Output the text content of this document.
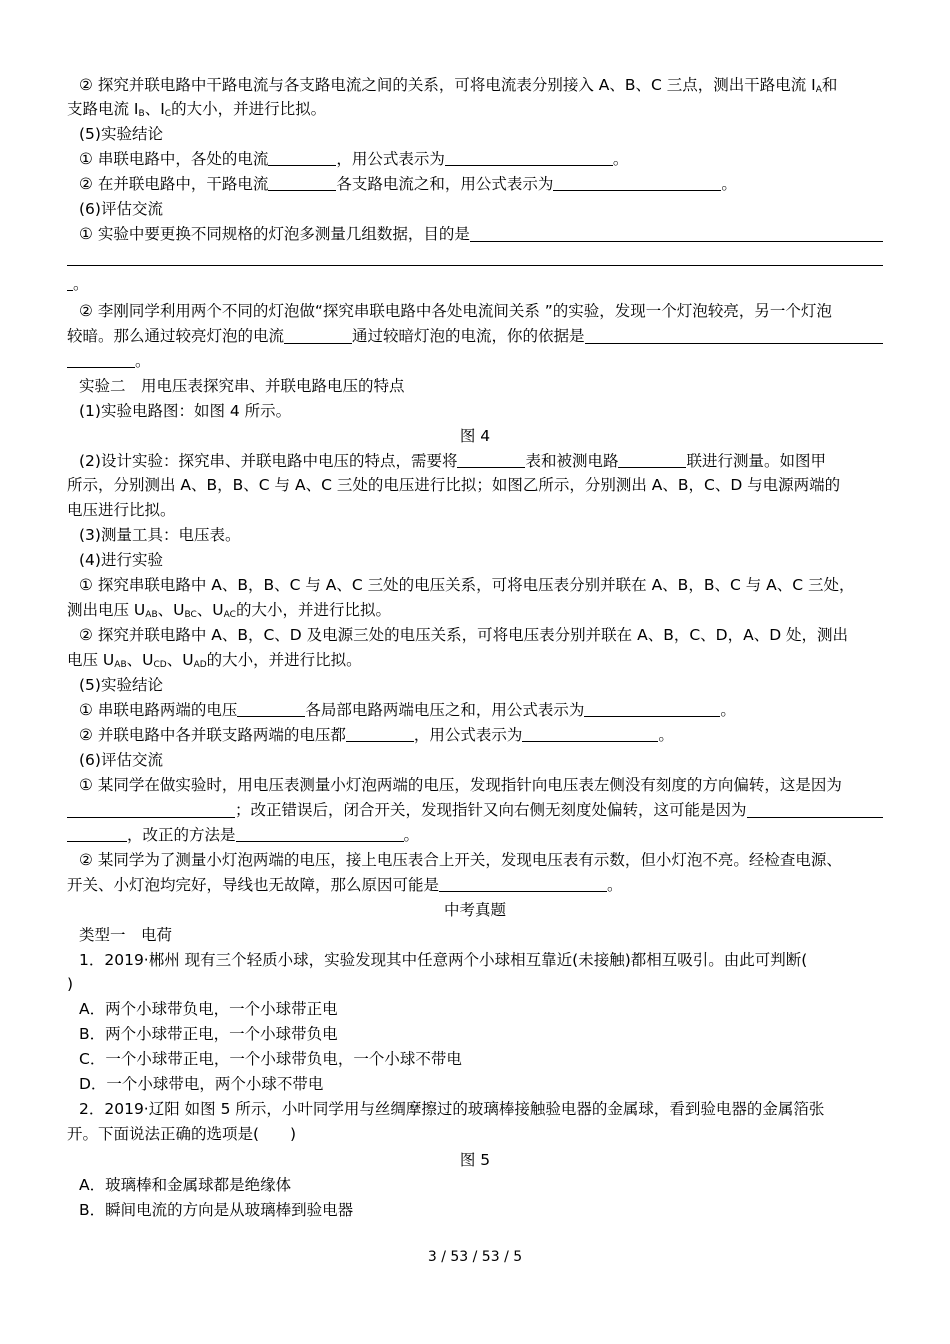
② 探究并联电路中干路电流与各支路电流之间的关系，可将电流表分别接入 A、B、C 三点，测出干路电流 $I_A$和
支路电流 $I_B$、$I_C$的大小，并进行比拟。
(5)实验结论
① 串联电路中，各处的电流	，用公式表示为	。
② 在并联电路中，干路电流	各支路电流之和，用公式表示为	。
(6)评估交流
① 实验中要更换不同规格的灯泡多测量几组数据，目的是
。
② 李刚同学利用两个不同的灯泡做“探究串联电路中各处电流间关系 ”的实验，发现一个灯泡较亮，另一个灯泡
较暗。那么通过较亮灯泡的电流	通过较暗灯泡的电流，你的依据是
。
实验二　用电压表探究串、并联电路电压的特点
(1)实验电路图：如图 4 所示。
图 4
(2)设计实验：探究串、并联电路中电压的特点，需要将	表和被测电路	联进行测量。如图甲
所示，分别测出 A、B，B、C 与 A、C 三处的电压进行比拟；如图乙所示，分别测出 A、B，C、D 与电源两端的
电压进行比拟。
(3)测量工具：电压表。
(4)进行实验
① 探究串联电路中 A、B，B、C 与 A、C 三处的电压关系，可将电压表分别并联在 A、B，B、C 与 A、C 三处，
测出电压 $U_{AB}$、$U_{BC}$、$U_{AC}$的大小，并进行比拟。
② 探究并联电路中 A、B，C、D 及电源三处的电压关系，可将电压表分别并联在 A、B，C、D，A、D 处，测出
电压 $U_{AB}$、$U_{CD}$、$U_{AD}$的大小，并进行比拟。
(5)实验结论
① 串联电路两端的电压	各局部电路两端电压之和，用公式表示为	。
② 并联电路中各并联支路两端的电压都	，用公式表示为	。
(6)评估交流
① 某同学在做实验时，用电压表测量小灯泡两端的电压，发现指针向电压表左侧没有刻度的方向偏转，这是因为
；改正错误后，闭合开关，发现指针又向右侧无刻度处偏转，这可能是因为
，改正的方法是	。
② 某同学为了测量小灯泡两端的电压，接上电压表合上开关，发现电压表有示数，但小灯泡不亮。经检查电源、
开关、小灯泡均完好，导线也无故障，那么原因可能是	。
中考真题
类型一　电荷
1．2019·郴州 现有三个轻质小球，实验发现其中任意两个小球相互靠近(未接触)都相互吸引。由此可判断(
)
A．两个小球带负电，一个小球带正电
B．两个小球带正电，一个小球带负电
C．一个小球带正电，一个小球带负电，一个小球不带电
D．一个小球带电，两个小球不带电
2．2019·辽阳 如图 5 所示，小叶同学用与丝绸摩擦过的玻璃棒接触验电器的金属球，看到验电器的金属箔张
开。下面说法正确的选项是(　　)
图 5
A．玻璃棒和金属球都是绝缘体
B．瞬间电流的方向是从玻璃棒到验电器
3 / 53 / 53 / 5
